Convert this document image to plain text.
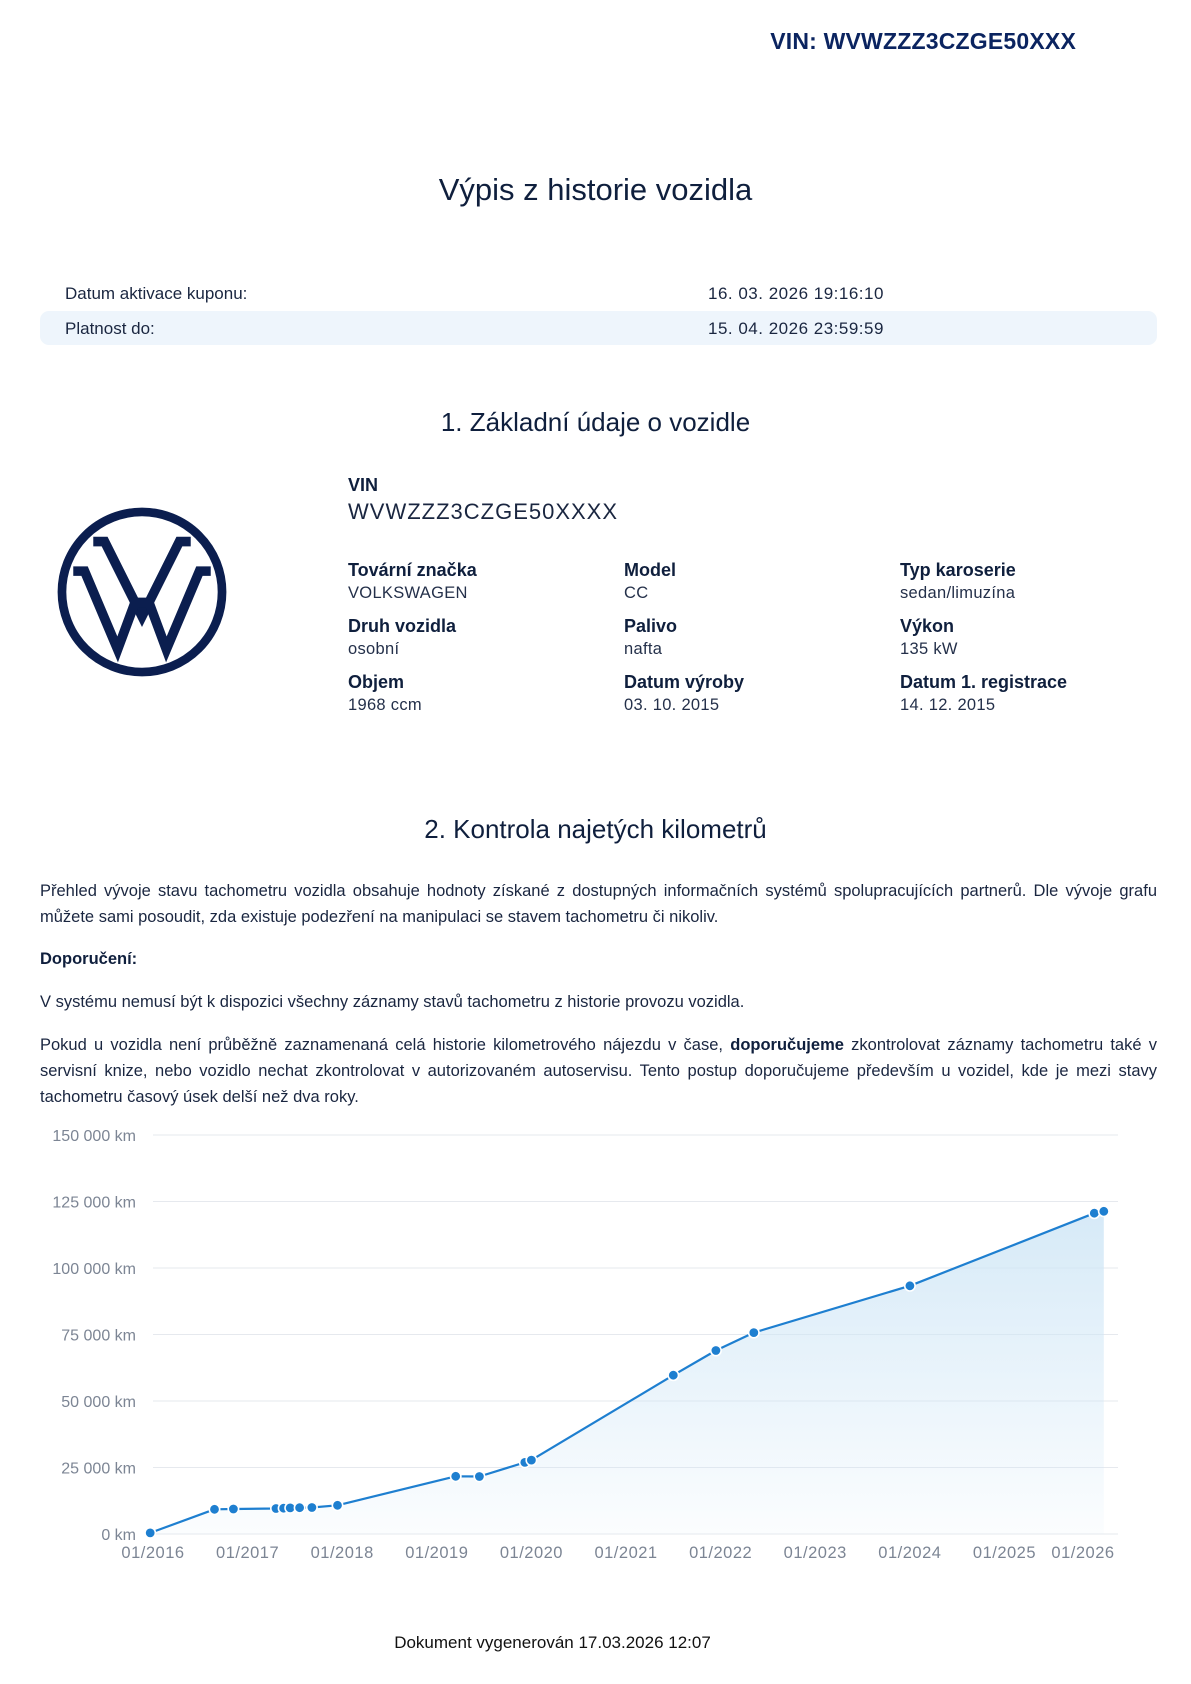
VIN: WVWZZZ3CZGE50XXX
Výpis z historie vozidla
Datum aktivace kuponu:	16. 03. 2026 19:16:10
Platnost do:	15. 04. 2026 23:59:59
1. Základní údaje o vozidle
VIN
WVWZZZ3CZGE50XXXX
Tovární značka
VOLKSWAGEN
Model
CC
Typ karoserie
sedan/limuzína
Druh vozidla
osobní
Palivo
nafta
Výkon
135 kW
Objem
1968 ccm
Datum výroby
03. 10. 2015
Datum 1. registrace
14. 12. 2015
2. Kontrola najetých kilometrů
Přehled vývoje stavu tachometru vozidla obsahuje hodnoty získané z dostupných informačních systémů spolupracujících partnerů. Dle vývoje grafu můžete sami posoudit, zda existuje podezření na manipulaci se stavem tachometru či nikoliv.
Doporučení:
V systému nemusí být k dispozici všechny záznamy stavů tachometru z historie provozu vozidla.
Pokud u vozidla není průběžně zaznamenaná celá historie kilometrového nájezdu v čase, doporučujeme zkontrolovat záznamy tachometru také v servisní knize, nebo vozidlo nechat zkontrolovat v autorizovaném autoservisu. Tento postup doporučujeme především u vozidel, kde je mezi stavy tachometru časový úsek delší než dva roky.
0 km
25 000 km
50 000 km
75 000 km
100 000 km
125 000 km
150 000 km
01/2016 01/2017 01/2018 01/2019 01/2020 01/2021 01/2022 01/2023 01/2024 01/2025 01/2026
Dokument vygenerován 17.03.2026 12:07
